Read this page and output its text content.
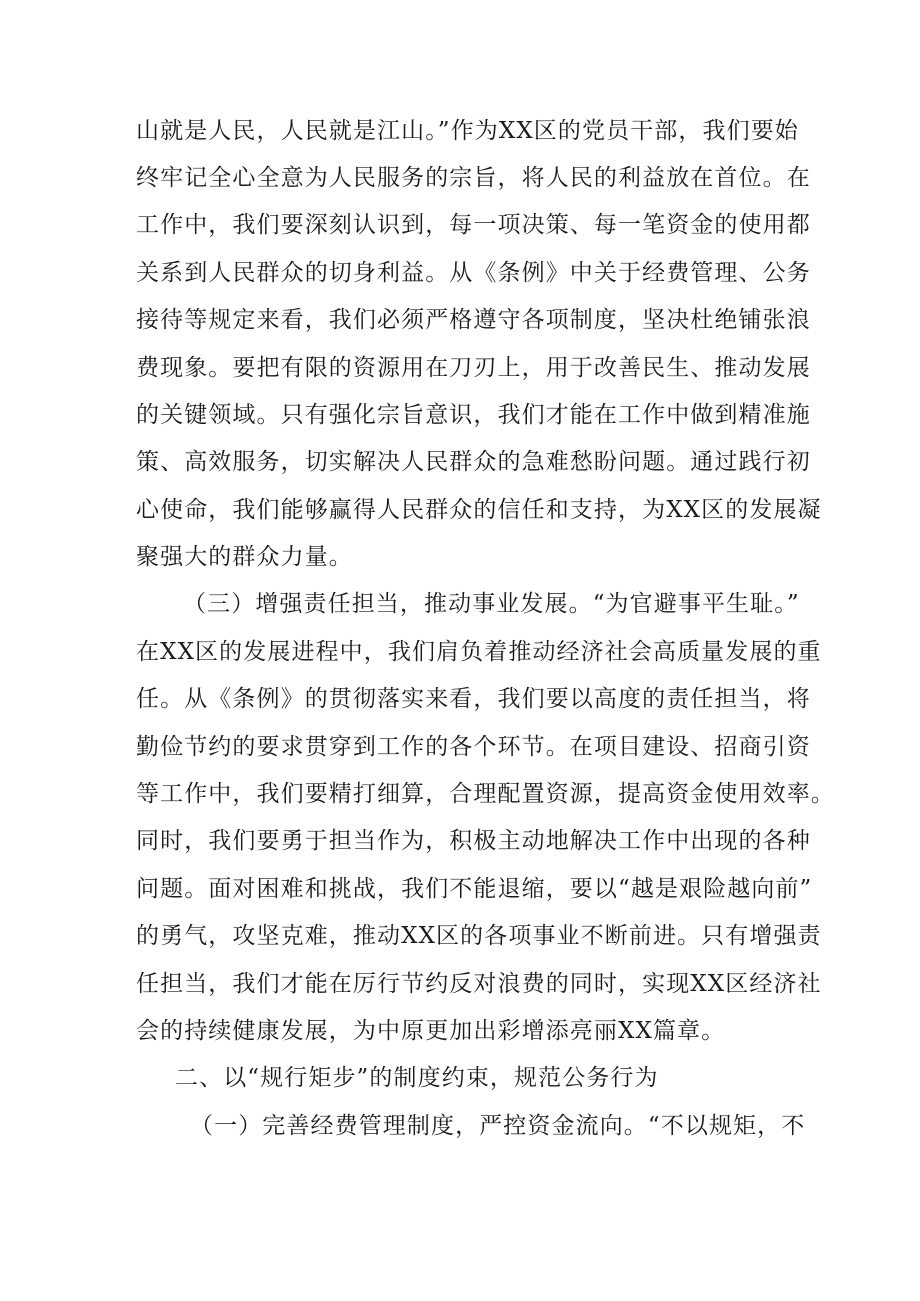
山就是人民，人民就是江山。”作为XX区的党员干部，我们要始
终牢记全心全意为人民服务的宗旨，将人民的利益放在首位。在
工作中，我们要深刻认识到，每一项决策、每一笔资金的使用都
关系到人民群众的切身利益。从《条例》中关于经费管理、公务
接待等规定来看，我们必须严格遵守各项制度，坚决杜绝铺张浪
费现象。要把有限的资源用在刀刃上，用于改善民生、推动发展
的关键领域。只有强化宗旨意识，我们才能在工作中做到精准施
策、高效服务，切实解决人民群众的急难愁盼问题。通过践行初
心使命，我们能够赢得人民群众的信任和支持，为XX区的发展凝
聚强大的群众力量。
（三）增强责任担当，推动事业发展。“为官避事平生耻。”
在XX区的发展进程中，我们肩负着推动经济社会高质量发展的重
任。从《条例》的贯彻落实来看，我们要以高度的责任担当，将
勤俭节约的要求贯穿到工作的各个环节。在项目建设、招商引资
等工作中，我们要精打细算，合理配置资源，提高资金使用效率。
同时，我们要勇于担当作为，积极主动地解决工作中出现的各种
问题。面对困难和挑战，我们不能退缩，要以“越是艰险越向前”
的勇气，攻坚克难，推动XX区的各项事业不断前进。只有增强责
任担当，我们才能在厉行节约反对浪费的同时，实现XX区经济社
会的持续健康发展，为中原更加出彩增添亮丽XX篇章。
二、以“规行矩步”的制度约束，规范公务行为
（一）完善经费管理制度，严控资金流向。“不以规矩，不
